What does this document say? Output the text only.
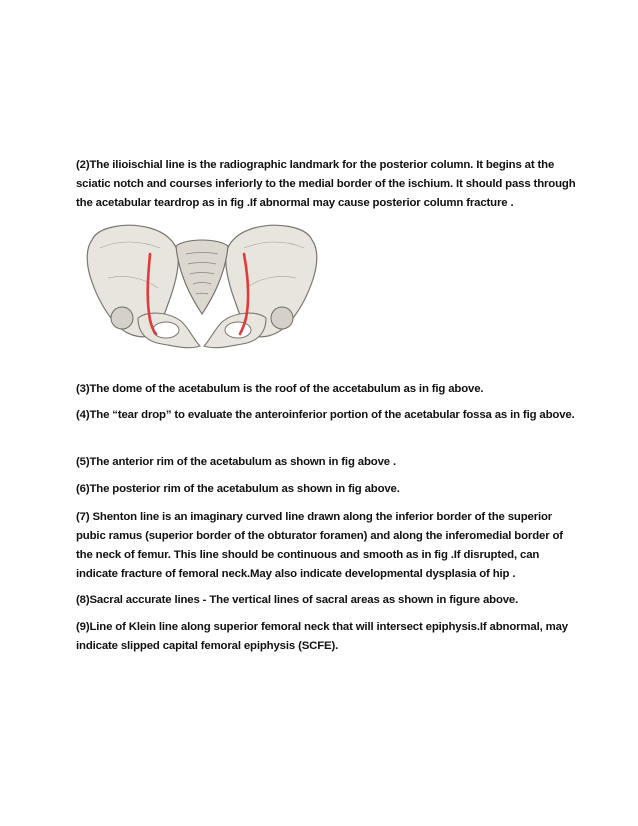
(2)The ilioischial line is the radiographic landmark for the posterior column. It begins at the sciatic notch and courses inferiorly to the medial border of the ischium. It should pass through the acetabular teardrop as in fig .If abnormal may cause posterior column fracture .

(3)The dome of the acetabulum is the roof of the accetabulum as in fig above.

(4)The “tear drop” to evaluate the anteroinferior portion of the acetabular fossa as in fig above.

(5)The anterior rim of the acetabulum as shown in fig above .

(6)The posterior rim of the acetabulum as shown in fig above.

(7) Shenton line is an imaginary curved line drawn along the inferior border of the superior pubic ramus (superior border of the obturator foramen) and along the inferomedial border of the neck of femur. This line should be continuous and smooth as in fig .If disrupted, can indicate fracture of femoral neck.May also indicate developmental dysplasia of hip .

(8)Sacral accurate lines - The vertical lines of sacral areas as shown in figure above.

(9)Line of Klein line along superior femoral neck that will intersect epiphysis.If abnormal, may indicate slipped capital femoral epiphysis (SCFE).
